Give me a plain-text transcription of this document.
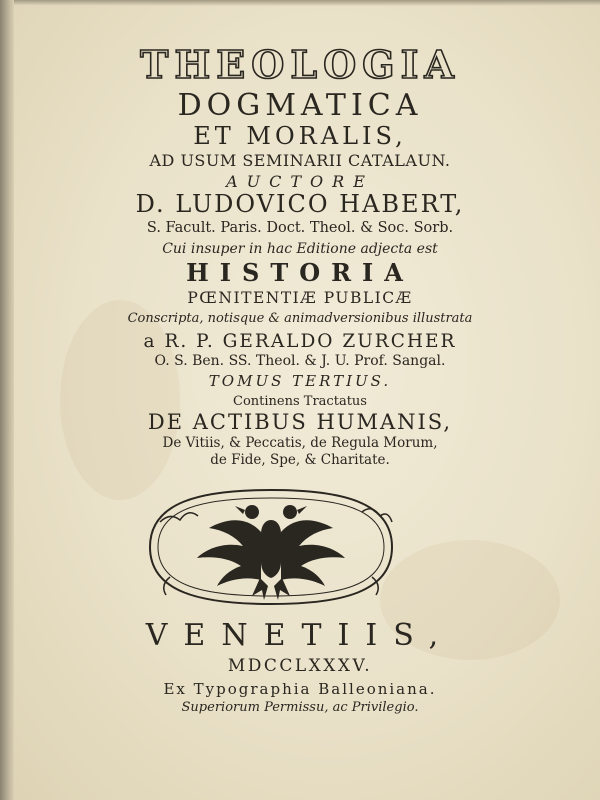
THEOLOGIA
DOGMATICA
ET MORALIS,
AD USUM SEMINARII CATALAUN.
AUCTORE
D. LUDOVICO HABERT,
S. Facult. Paris. Doct. Theol. & Soc. Sorb.
Cui insuper in hac Editione adjecta est
HISTORIA
PŒNITENTIÆ PUBLICÆ
Conscripta, notisque & animadversionibus illustrata
a R. P. GERALDO ZURCHER
O. S. Ben. SS. Theol. & J. U. Prof. Sangal.
TOMUS TERTIUS.
Continens Tractatus
DE ACTIBUS HUMANIS,
De Vitiis, & Peccatis, de Regula Morum,
de Fide, Spe, & Charitate.
VENETIIS,
MDCCLXXXV.
Ex Typographia Balleoniana.
Superiorum Permissu, ac Privilegio.
